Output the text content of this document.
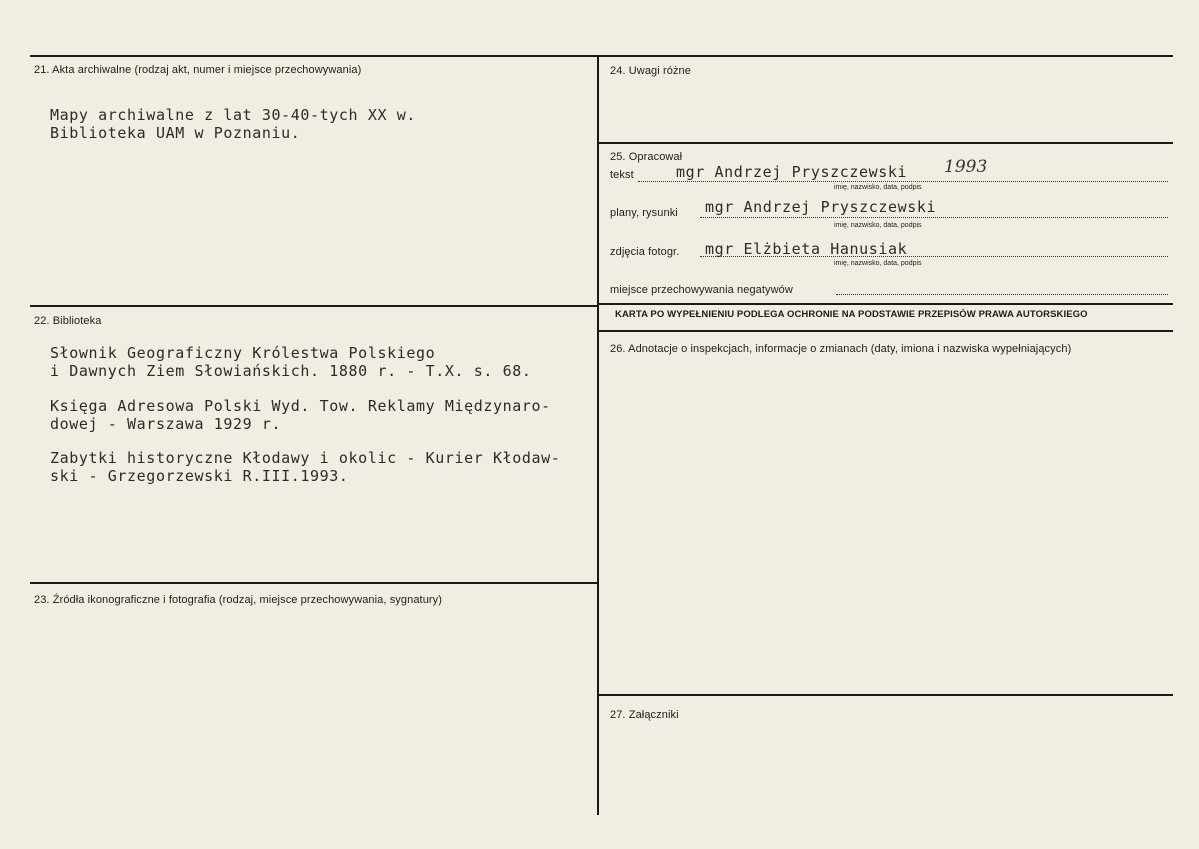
21. Akta archiwalne (rodzaj akt, numer i miejsce przechowywania)
Mapy archiwalne z lat 30-40-tych XX w.
Biblioteka UAM w Poznaniu.
22. Biblioteka
Słownik Geograficzny Królestwa Polskiego
i Dawnych Ziem Słowiańskich. 1880 r. - T.X. s. 68.
Księga Adresowa Polski Wyd. Tow. Reklamy Międzynaro-
dowej - Warszawa 1929 r.
Zabytki historyczne Kłodawy i okolic - Kurier Kłodaw-
ski - Grzegorzewski R.III.1993.
23. Źródła ikonograficzne i fotografia (rodzaj, miejsce przechowywania, sygnatury)
24. Uwagi różne
25. Opracował
tekst	mgr Andrzej Pryszczewski 1993
imię, nazwisko, data, podpis
plany, rysunki mgr Andrzej Pryszczewski
imię, nazwisko, data, podpis
zdjęcia fotogr. mgr Elżbieta Hanusiak
imię, nazwisko, data, podpis
miejsce przechowywania negatywów
KARTA PO WYPEŁNIENIU PODLEGA OCHRONIE NA PODSTAWIE PRZEPISÓW PRAWA AUTORSKIEGO
26. Adnotacje o inspekcjach, informacje o zmianach (daty, imiona i nazwiska wypełniających)
27. Załączniki
